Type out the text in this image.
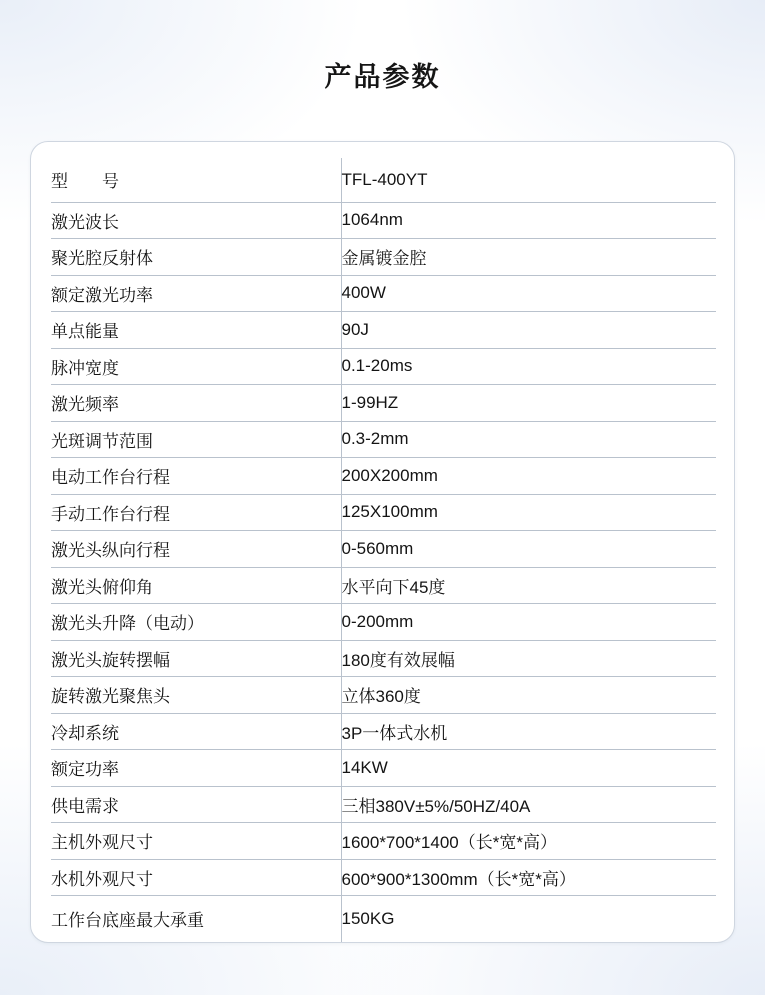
产品参数
型　　号	TFL-400YT
激光波长	1064nm
聚光腔反射体	金属镀金腔
额定激光功率	400W
单点能量	90J
脉冲宽度	0.1-20ms
激光频率	1-99HZ
光斑调节范围	0.3-2mm
电动工作台行程	200X200mm
手动工作台行程	125X100mm
激光头纵向行程	0-560mm
激光头俯仰角	水平向下45度
激光头升降（电动）	0-200mm
激光头旋转摆幅	180度有效展幅
旋转激光聚焦头	立体360度
冷却系统	3P一体式水机
额定功率	14KW
供电需求	三相380V±5%/50HZ/40A
主机外观尺寸	1600*700*1400（长*宽*高）
水机外观尺寸	600*900*1300mm（长*宽*高）
工作台底座最大承重	150KG
